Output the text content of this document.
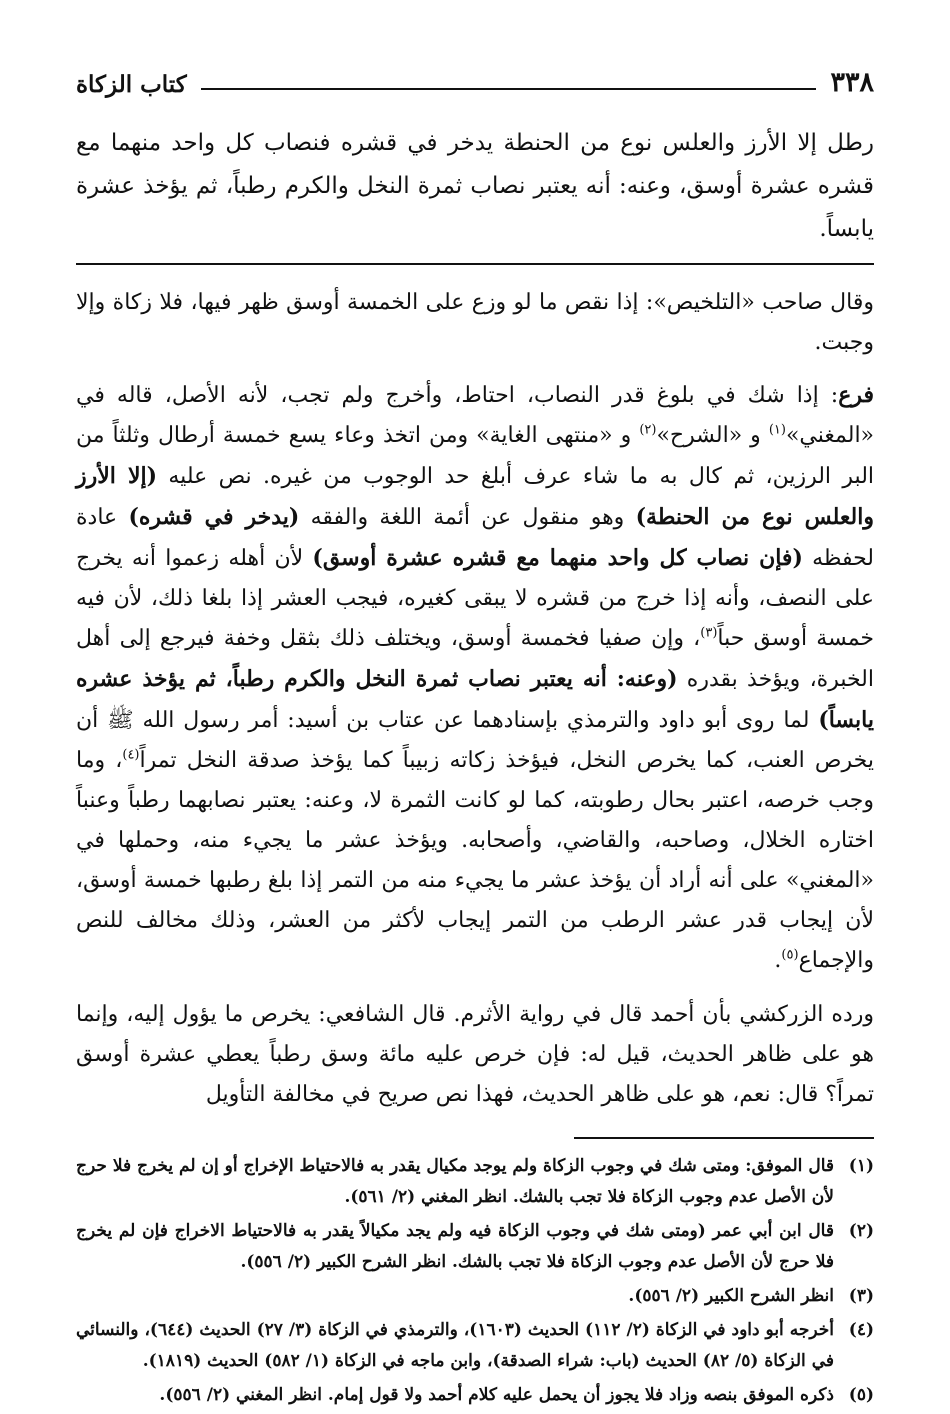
٣٣٨
كتاب الزكاة
رطل إلا الأرز والعلس نوع من الحنطة يدخر في قشره فنصاب كل واحد منهما مع قشره عشرة أوسق، وعنه: أنه يعتبر نصاب ثمرة النخل والكرم رطباً، ثم يؤخذ عشرة يابساً.

وقال صاحب «التلخيص»: إذا نقص ما لو وزع على الخمسة أوسق ظهر فيها، فلا زكاة وإلا وجبت.

فرع: إذا شك في بلوغ قدر النصاب، احتاط، وأخرج ولم تجب، لأنه الأصل، قاله في «المغني»$^{(١)}$ و «الشرح»$^{(٢)}$ و «منتهى الغاية» ومن اتخذ وعاء يسع خمسة أرطال وثلثاً من البر الرزين، ثم كال به ما شاء عرف أبلغ حد الوجوب من غيره. نص عليه (إلا الأرز والعلس نوع من الحنطة) وهو منقول عن أئمة اللغة والفقه (يدخر في قشره) عادة لحفظه (فإن نصاب كل واحد منهما مع قشره عشرة أوسق) لأن أهله زعموا أنه يخرج على النصف، وأنه إذا خرج من قشره لا يبقى كغيره، فيجب العشر إذا بلغا ذلك، لأن فيه خمسة أوسق حباً$^{(٣)}$، وإن صفيا فخمسة أوسق، ويختلف ذلك بثقل وخفة فيرجع إلى أهل الخبرة، ويؤخذ بقدره (وعنه: أنه يعتبر نصاب ثمرة النخل والكرم رطباً، ثم يؤخذ عشره يابساً) لما روى أبو داود والترمذي بإسنادهما عن عتاب بن أسيد: أمر رسول الله ﷺ أن يخرص العنب، كما يخرص النخل، فيؤخذ زكاته زبيباً كما يؤخذ صدقة النخل تمراً$^{(٤)}$، وما وجب خرصه، اعتبر بحال رطوبته، كما لو كانت الثمرة لا، وعنه: يعتبر نصابهما رطباً وعنباً اختاره الخلال، وصاحبه، والقاضي، وأصحابه. ويؤخذ عشر ما يجيء منه، وحملها في «المغني» على أنه أراد أن يؤخذ عشر ما يجيء منه من التمر إذا بلغ رطبها خمسة أوسق، لأن إيجاب قدر عشر الرطب من التمر إيجاب لأكثر من العشر، وذلك مخالف للنص والإجماع$^{(٥)}$.

ورده الزركشي بأن أحمد قال في رواية الأثرم. قال الشافعي: يخرص ما يؤول إليه، وإنما هو على ظاهر الحديث، قيل له: فإن خرص عليه مائة وسق رطباً يعطي عشرة أوسق تمراً؟ قال: نعم، هو على ظاهر الحديث، فهذا نص صريح في مخالفة التأويل

(١)
قال الموفق: ومتى شك في وجوب الزكاة ولم يوجد مكيال يقدر به فالاحتياط الإخراج أو إن لم يخرج فلا حرج لأن الأصل عدم وجوب الزكاة فلا تجب بالشك. انظر المغني (٢/ ٥٦١).
(٢)
قال ابن أبي عمر (ومتى شك في وجوب الزكاة فيه ولم يجد مكيالاً يقدر به فالاحتياط الاخراج فإن لم يخرج فلا حرج لأن الأصل عدم وجوب الزكاة فلا تجب بالشك. انظر الشرح الكبير (٢/ ٥٥٦).
(٣)
انظر الشرح الكبير (٢/ ٥٥٦).
(٤)
أخرجه أبو داود في الزكاة (٢/ ١١٢) الحديث (١٦٠٣)، والترمذي في الزكاة (٣/ ٢٧) الحديث (٦٤٤)، والنسائي في الزكاة (٥/ ٨٢) الحديث (باب: شراء الصدقة)، وابن ماجه في الزكاة (١/ ٥٨٢) الحديث (١٨١٩).
(٥)
ذكره الموفق بنصه وزاد فلا يجوز أن يحمل عليه كلام أحمد ولا قول إمام. انظر المغني (٢/ ٥٥٦).
